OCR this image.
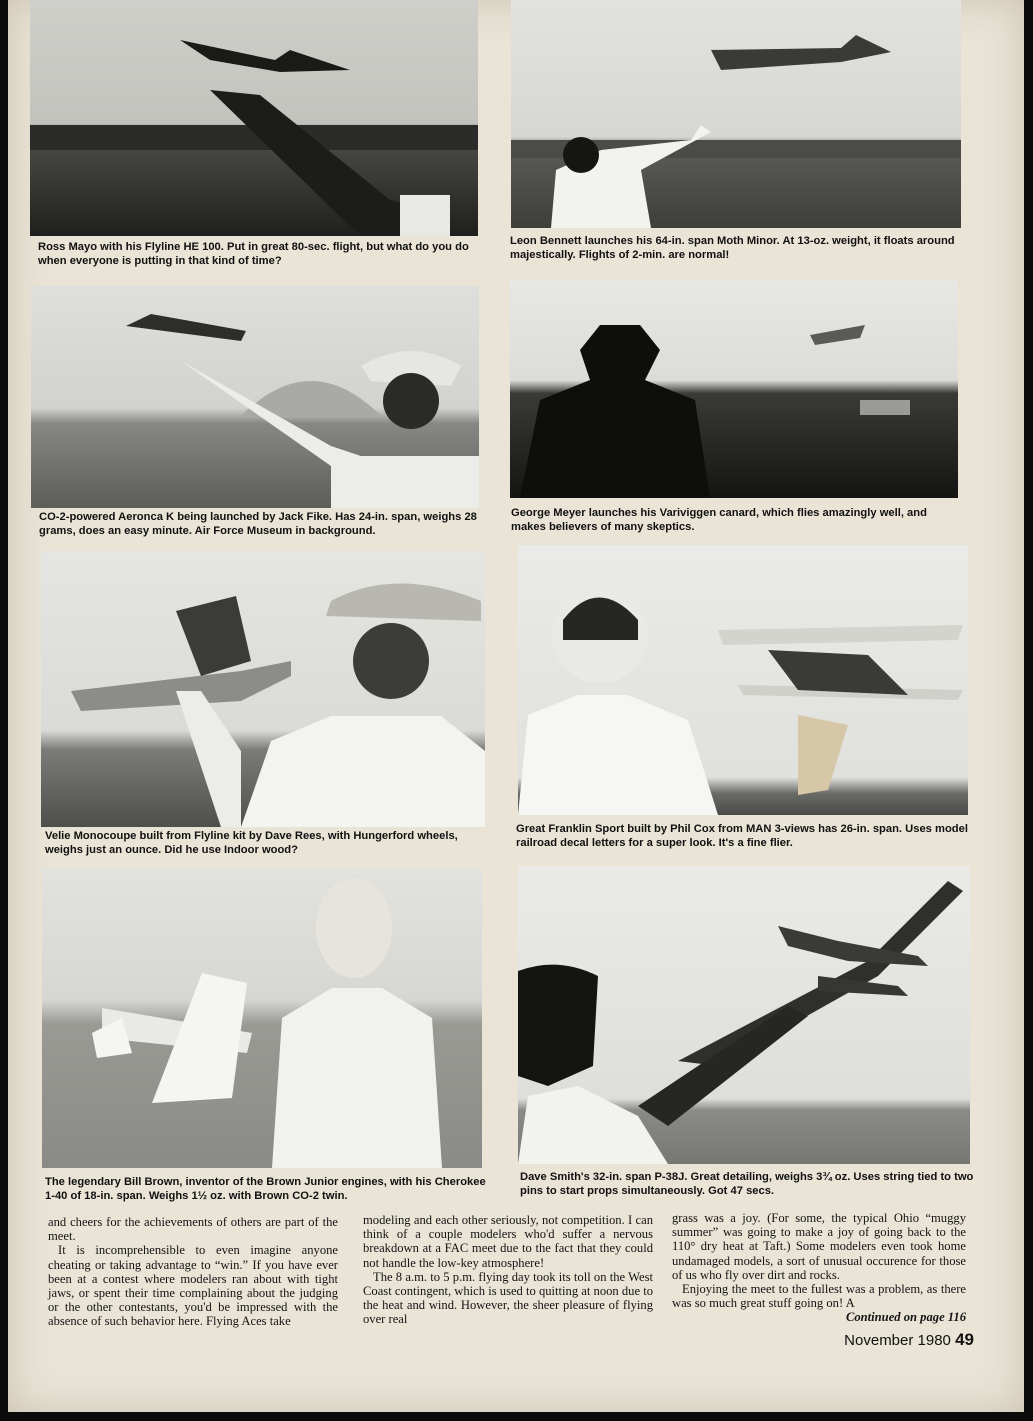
Ross Mayo with his Flyline HE 100. Put in great 80-sec. flight, but what do you do when everyone is putting in that kind of time?
Leon Bennett launches his 64-in. span Moth Minor. At 13-oz. weight, it floats around majestically. Flights of 2-min. are normal!
CO-2-powered Aeronca K being launched by Jack Fike. Has 24-in. span, weighs 28 grams, does an easy minute. Air Force Museum in background.
George Meyer launches his Variviggen canard, which flies amazingly well, and makes believers of many skeptics.
Velie Monocoupe built from Flyline kit by Dave Rees, with Hungerford wheels, weighs just an ounce. Did he use Indoor wood?
Great Franklin Sport built by Phil Cox from MAN 3-views has 26-in. span. Uses model railroad decal letters for a super look. It's a fine flier.
The legendary Bill Brown, inventor of the Brown Junior engines, with his Cherokee 1-40 of 18-in. span. Weighs 1½ oz. with Brown CO-2 twin.
Dave Smith's 32-in. span P-38J. Great detailing, weighs 3¾ oz. Uses string tied to two pins to start props simultaneously. Got 47 secs.

and cheers for the achievements of others are part of the meet.

It is incomprehensible to even imagine anyone cheating or taking advantage to “win.” If you have ever been at a contest where modelers ran about with tight jaws, or spent their time complaining about the judging or the other contestants, you'd be impressed with the absence of such behavior here. Flying Aces take

modeling and each other seriously, not competition. I can think of a couple modelers who'd suffer a nervous breakdown at a FAC meet due to the fact that they could not handle the low-key atmosphere!

The 8 a.m. to 5 p.m. flying day took its toll on the West Coast contingent, which is used to quitting at noon due to the heat and wind. However, the sheer pleasure of flying over real

grass was a joy. (For some, the typical Ohio “muggy summer” was going to make a joy of going back to the 110° dry heat at Taft.) Some modelers even took home undamaged models, a sort of unusual occurence for those of us who fly over dirt and rocks.

Enjoying the meet to the fullest was a problem, as there was so much great stuff going on! A

Continued on page 116

November 1980 49
